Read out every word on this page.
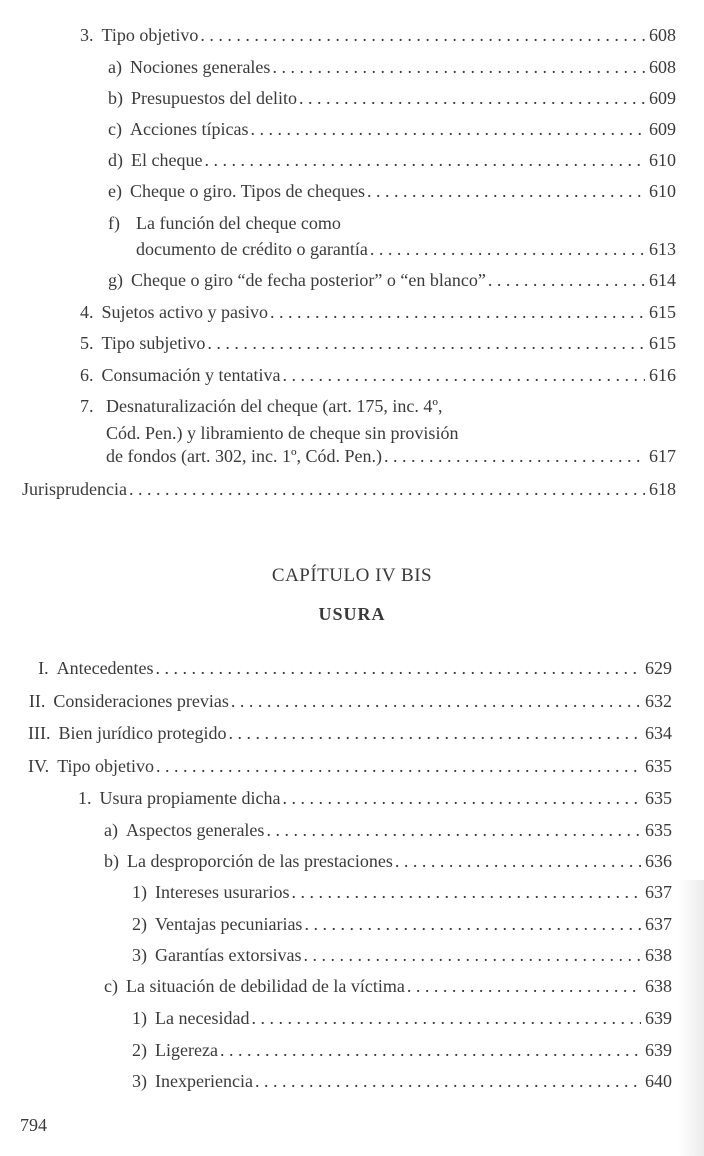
3. Tipo objetivo . . .	608
a) Nociones generales . . .	608
b) Presupuestos del delito . . .	609
c) Acciones típicas . . .	609
d) El cheque . . .	610
e) Cheque o giro. Tipos de cheques . . .	610
f) La función del cheque como
documento de crédito o garantía . . .	613
g) Cheque o giro “de fecha posterior” o “en blanco” . . .	614
4. Sujetos activo y pasivo . . .	615
5. Tipo subjetivo . . .	615
6. Consumación y tentativa . . .	616
7. Desnaturalización del cheque (art. 175, inc. 4º,
Cód. Pen.) y libramiento de cheque sin provisión
de fondos (art. 302, inc. 1º, Cód. Pen.) . . .	617
Jurisprudencia . . .	618
CAPÍTULO IV BIS
USURA
I. Antecedentes . . .	629
II. Consideraciones previas . . .	632
III. Bien jurídico protegido . . .	634
IV. Tipo objetivo . . .	635
1. Usura propiamente dicha . . .	635
a) Aspectos generales . . .	635
b) La desproporción de las prestaciones . . .	636
1) Intereses usurarios . . .	637
2) Ventajas pecuniarias . . .	637
3) Garantías extorsivas . . .	638
c) La situación de debilidad de la víctima . . .	638
1) La necesidad . . .	639
2) Ligereza . . .	639
3) Inexperiencia . . .	640
794
